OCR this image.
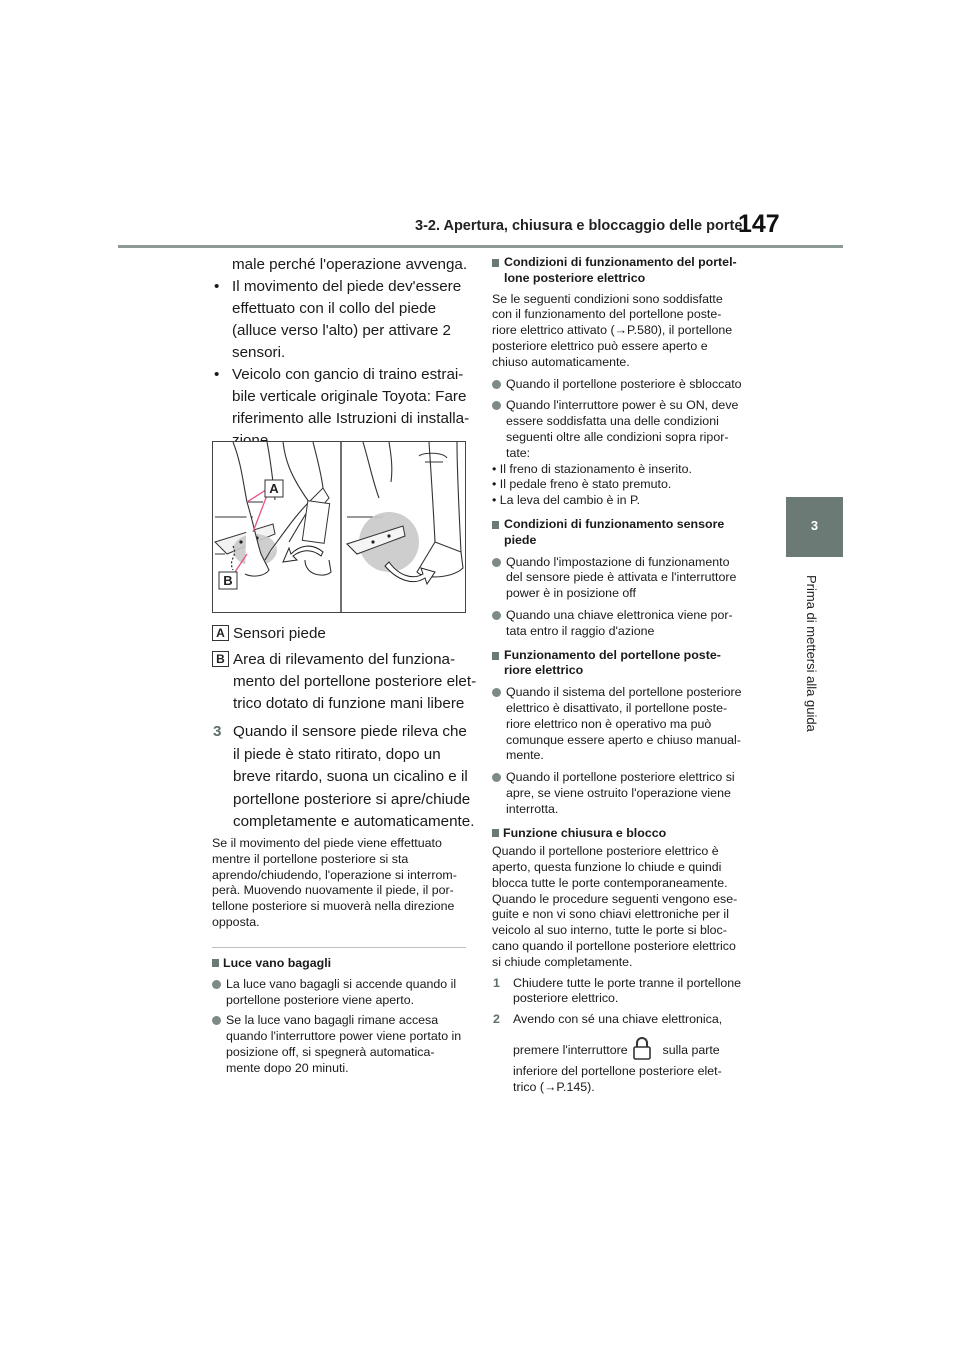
3-2. Apertura, chiusura e bloccaggio delle porte
147
3
Prima di mettersi alla guida
male perché l'operazione avvenga.
• Il movimento del piede dev'essere
effettuato con il collo del piede
(alluce verso l'alto) per attivare 2
sensori.
• Veicolo con gancio di traino estrai-
bile verticale originale Toyota: Fare
riferimento alle Istruzioni di installa-
A
B
A Sensori piede
B Area di rilevamento del funziona-
mento del portellone posteriore elet-
trico dotato di funzione mani libere
3 Quando il sensore piede rileva che
il piede è stato ritirato, dopo un
breve ritardo, suona un cicalino e il
portellone posteriore si apre/chiude
completamente e automaticamente.
Se il movimento del piede viene effettuato
mentre il portellone posteriore si sta
aprendo/chiudendo, l'operazione si interrom-
perà. Muovendo nuovamente il piede, il por-
tellone posteriore si muoverà nella direzione
opposta.
Luce vano bagagli
La luce vano bagagli si accende quando il
portellone posteriore viene aperto.
Se la luce vano bagagli rimane accesa
quando l'interruttore power viene portato in
posizione off, si spegnerà automatica-
mente dopo 20 minuti.
Condizioni di funzionamento del portel-
lone posteriore elettrico
Se le seguenti condizioni sono soddisfatte
con il funzionamento del portellone poste-
riore elettrico attivato (→P.580), il portellone
posteriore elettrico può essere aperto e
chiuso automaticamente.
Quando il portellone posteriore è sbloccato
Quando l'interruttore power è su ON, deve
essere soddisfatta una delle condizioni
seguenti oltre alle condizioni sopra ripor-
tate:
• Il freno di stazionamento è inserito.
• Il pedale freno è stato premuto.
• La leva del cambio è in P.
Condizioni di funzionamento sensore
piede
Quando l'impostazione di funzionamento
del sensore piede è attivata e l'interruttore
power è in posizione off
Quando una chiave elettronica viene por-
tata entro il raggio d'azione
Funzionamento del portellone poste-
riore elettrico
Quando il sistema del portellone posteriore
elettrico è disattivato, il portellone poste-
riore elettrico non è operativo ma può
comunque essere aperto e chiuso manual-
mente.
Quando il portellone posteriore elettrico si
apre, se viene ostruito l'operazione viene
interrotta.
Funzione chiusura e blocco
Quando il portellone posteriore elettrico è
aperto, questa funzione lo chiude e quindi
blocca tutte le porte contemporaneamente.
Quando le procedure seguenti vengono ese-
guite e non vi sono chiavi elettroniche per il
veicolo al suo interno, tutte le porte si bloc-
cano quando il portellone posteriore elettrico
si chiude completamente.
1 Chiudere tutte le porte tranne il portellone
posteriore elettrico.
2 Avendo con sé una chiave elettronica,
premere l'interruttore	sulla parte
inferiore del portellone posteriore elet-
trico (→P.145).
